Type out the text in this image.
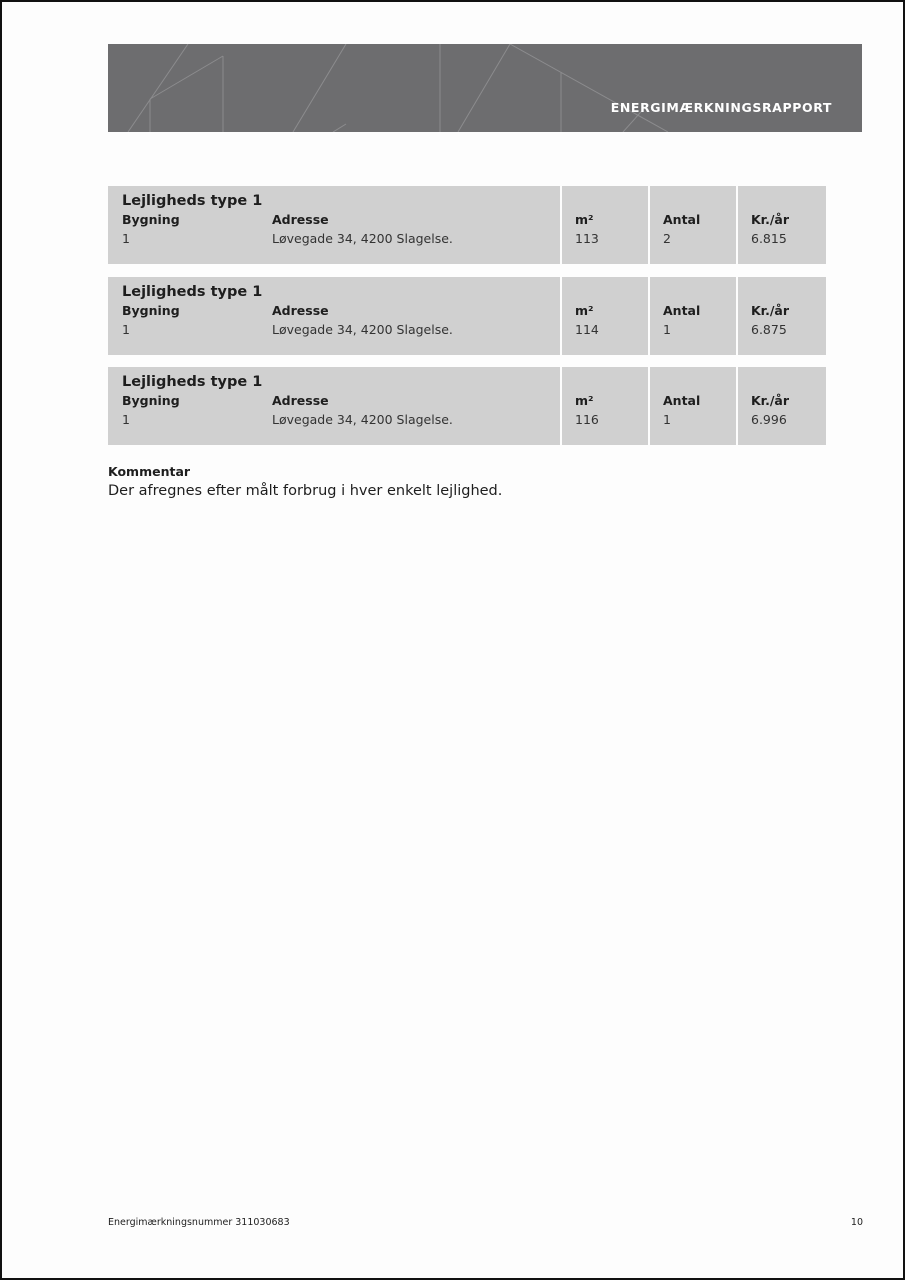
ENERGIMÆRKNINGSRAPPORT
Lejligheds type 1
Bygning
1
Adresse
Løvegade 34, 4200 Slagelse.
m²
113
Antal
2
Kr./år
6.815
Lejligheds type 1
Bygning
1
Adresse
Løvegade 34, 4200 Slagelse.
m²
114
Antal
1
Kr./år
6.875
Lejligheds type 1
Bygning
1
Adresse
Løvegade 34, 4200 Slagelse.
m²
116
Antal
1
Kr./år
6.996
Kommentar
Der afregnes efter målt forbrug i hver enkelt lejlighed.
Energimærkningsnummer 311030683	10
